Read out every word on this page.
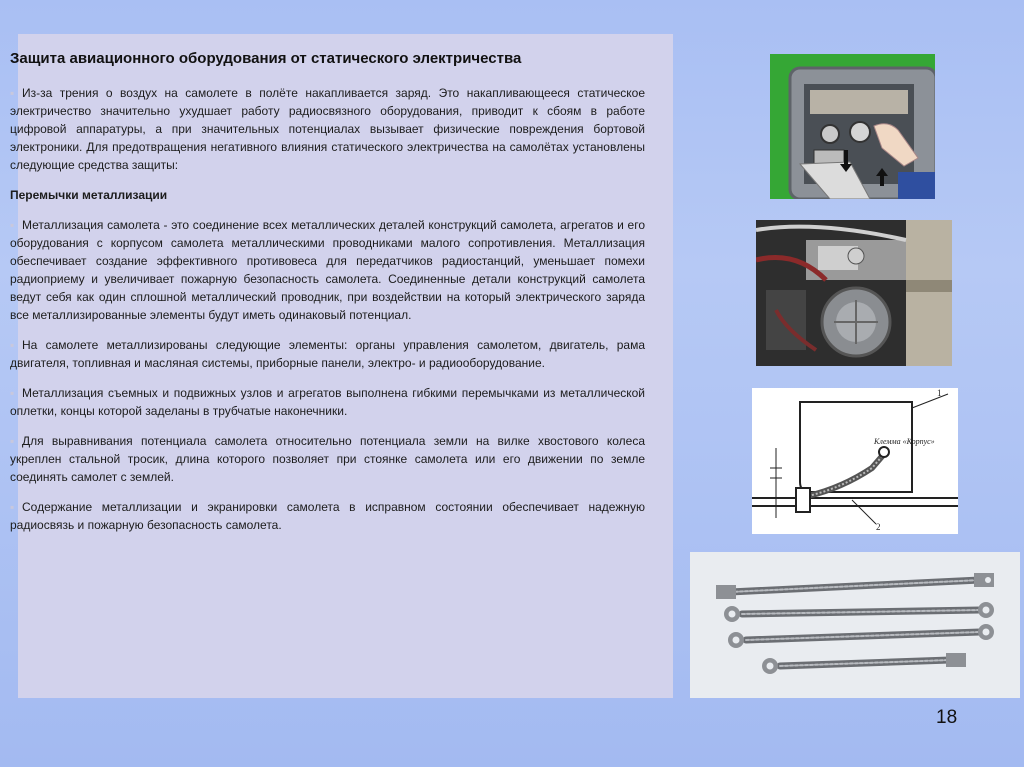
Защита авиационного оборудования от статического электричества

▪ Из-за трения о воздух на самолете в полёте накапливается заряд. Это накапливающееся статическое электричество значительно ухудшает работу радиосвязного оборудования, приводит к сбоям в работе цифровой аппаратуры, а при значительных потенциалах вызывает физические повреждения бортовой электроники. Для предотвращения негативного влияния статического электричества на самолётах установлены следующие средства защиты:

Перемычки металлизации

▪ Металлизация самолета - это соединение всех металлических деталей конструкций самолета, агрегатов и его оборудования с корпусом самолета металлическими проводниками малого сопротивления. Металлизация обеспечивает создание эффективного противовеса для передатчиков радиостанций, уменьшает помехи радиоприему и увеличивает пожарную безопасность самолета. Соединенные детали конструкций самолета ведут себя как один сплошной металлический проводник, при воздействии на который электрического заряда все металлизированные элементы будут иметь одинаковый потенциал.

▪ На самолете металлизированы следующие элементы: органы управления самолетом, двигатель, рама двигателя, топливная и масляная системы, приборные панели, электро- и радиооборудование.

▪ Металлизация съемных и подвижных узлов и агрегатов выполнена гибкими перемычками из металлической оплетки, концы которой заделаны в трубчатые наконечники.

▪ Для выравнивания потенциала самолета относительно потенциала земли на вилке хвостового колеса укреплен стальной тросик, длина которого позволяет при стоянке самолета или его движении по земле соединять самолет с землей.

▪ Содержание металлизации и экранировки самолета в исправном состоянии обеспечивает надежную радиосвязь и пожарную безопасность самолета.

1
Клемма «Корпус»
2
18
